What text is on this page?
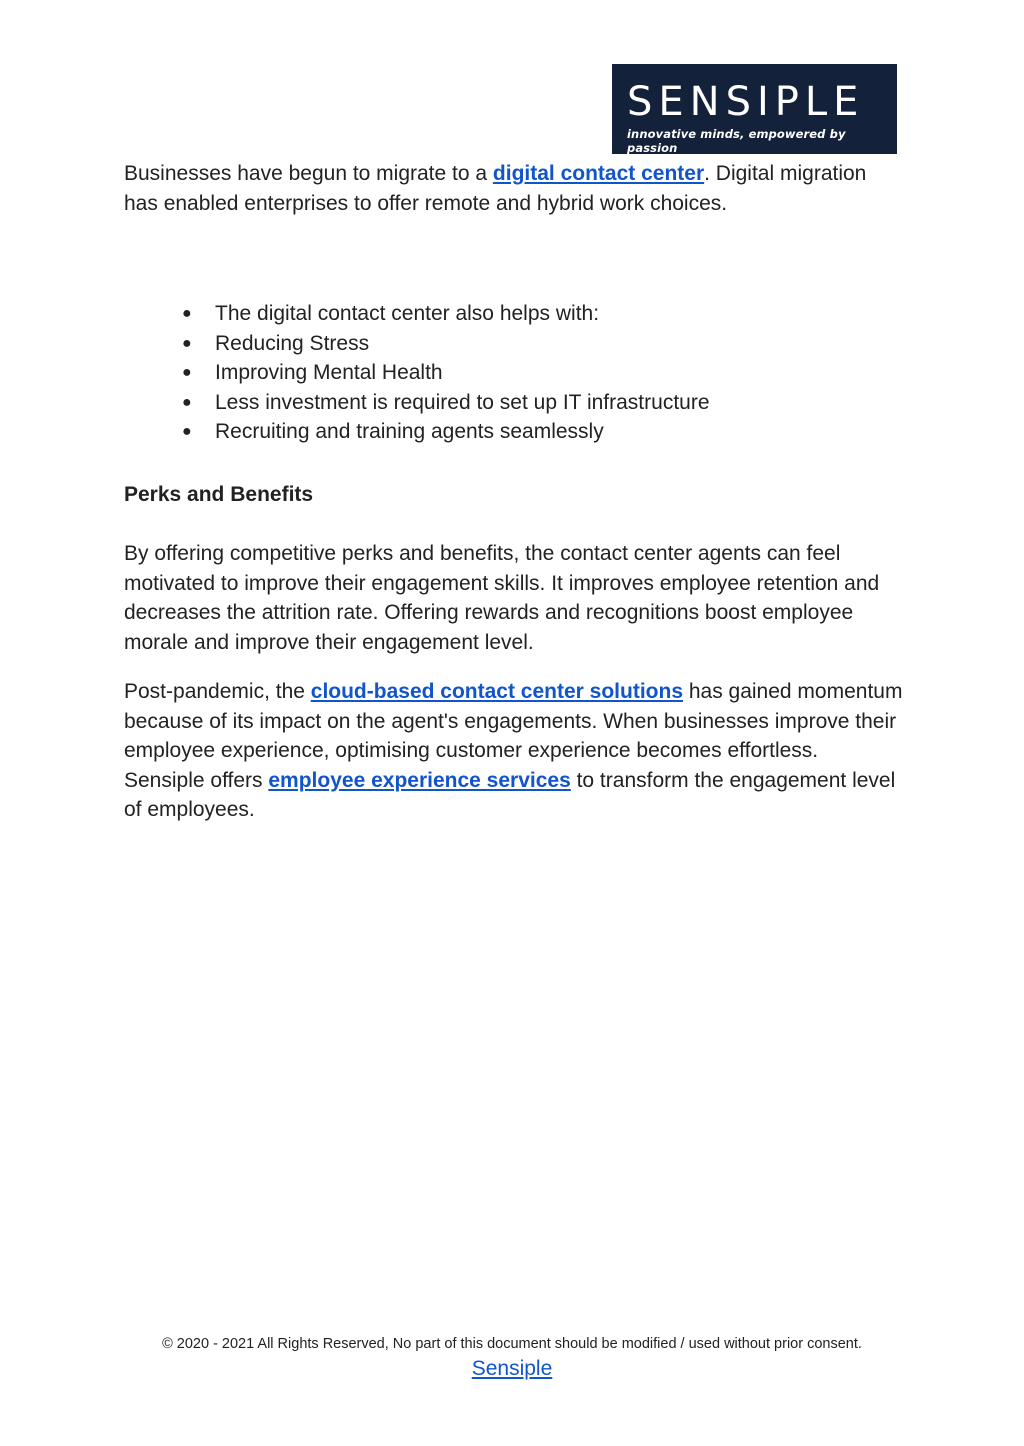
SENSIPLE
innovative minds, empowered by passion

Businesses have begun to migrate to a digital contact center. Digital migration has enabled enterprises to offer remote and hybrid work choices.

● The digital contact center also helps with:
● Reducing Stress
● Improving Mental Health
● Less investment is required to set up IT infrastructure
● Recruiting and training agents seamlessly
Perks and Benefits

By offering competitive perks and benefits, the contact center agents can feel motivated to improve their engagement skills. It improves employee retention and decreases the attrition rate. Offering rewards and recognitions boost employee morale and improve their engagement level.

Post-pandemic, the cloud-based contact center solutions has gained momentum because of its impact on the agent's engagements. When businesses improve their employee experience, optimising customer experience becomes effortless. Sensiple offers employee experience services to transform the engagement level of employees.

© 2020 - 2021 All Rights Reserved, No part of this document should be modified / used without prior consent.
Sensiple
